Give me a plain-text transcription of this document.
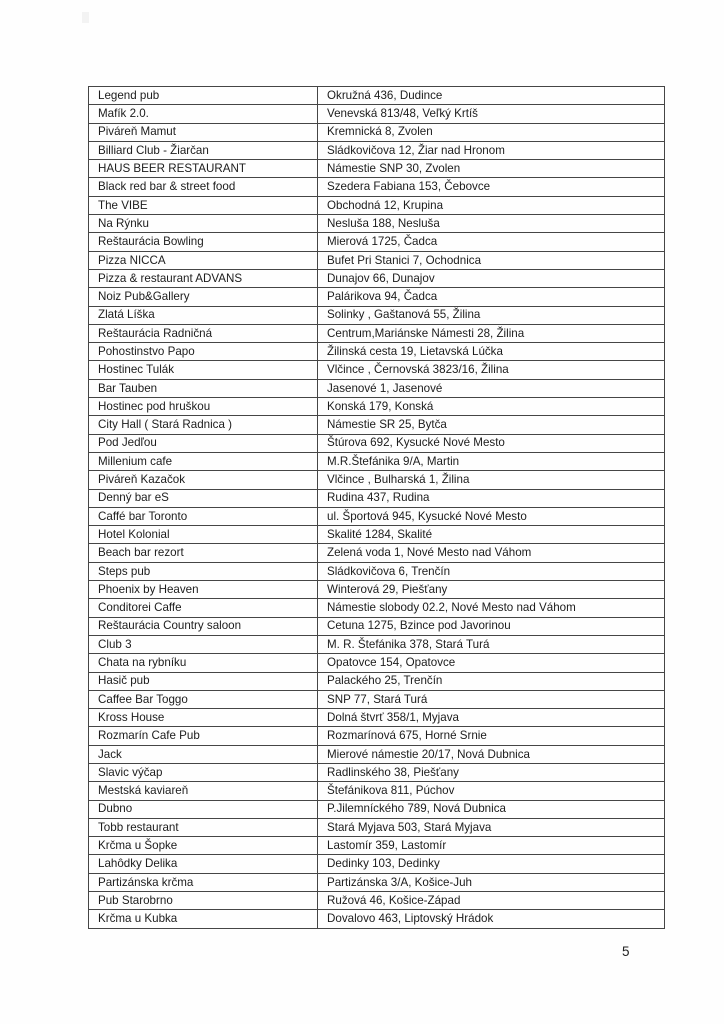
Legend pub	Okružná 436, Dudince
Mafík 2.0.	Venevská 813/48, Veľký Krtíš
Piváreň Mamut	Kremnická 8, Zvolen
Billiard Club - Žiarčan	Sládkovičova 12, Žiar nad Hronom
HAUS BEER RESTAURANT	Námestie SNP 30, Zvolen
Black red bar & street food	Szedera Fabiana 153, Čebovce
The VIBE	Obchodná 12, Krupina
Na Rýnku	Nesluša 188, Nesluša
Reštaurácia Bowling	Mierová 1725, Čadca
Pizza NICCA	Bufet Pri Stanici 7, Ochodnica
Pizza & restaurant ADVANS	Dunajov 66, Dunajov
Noiz Pub&Gallery	Palárikova 94, Čadca
Zlatá Líška	Solinky , Gaštanová 55, Žilina
Reštaurácia Radničná	Centrum,Mariánske Námesti 28, Žilina
Pohostinstvo Papo	Žilinská cesta 19, Lietavská Lúčka
Hostinec Tulák	Vlčince , Černovská 3823/16, Žilina
Bar Tauben	Jasenové 1, Jasenové
Hostinec pod hruškou	Konská 179, Konská
City Hall ( Stará Radnica )	Námestie SR 25, Bytča
Pod Jedľou	Štúrova 692, Kysucké Nové Mesto
Millenium cafe	M.R.Štefánika 9/A, Martin
Piváreň Kazačok	Vlčince , Bulharská 1, Žilina
Denný bar eS	Rudina 437, Rudina
Caffé bar Toronto	ul. Športová 945, Kysucké Nové Mesto
Hotel Kolonial	Skalité 1284, Skalité
Beach bar rezort	Zelená voda 1, Nové Mesto nad Váhom
Steps pub	Sládkovičova 6, Trenčín
Phoenix by Heaven	Winterová 29, Piešťany
Conditorei Caffe	Námestie slobody 02.2, Nové Mesto nad Váhom
Reštaurácia Country saloon	Cetuna 1275, Bzince pod Javorinou
Club 3	M. R. Štefánika 378, Stará Turá
Chata na rybníku	Opatovce 154, Opatovce
Hasič pub	Palackého 25, Trenčín
Caffee Bar Toggo	SNP 77, Stará Turá
Kross House	Dolná štvrť 358/1, Myjava
Rozmarín Cafe Pub	Rozmarínová 675, Horné Srnie
Jack	Mierové námestie 20/17, Nová Dubnica
Slavic výčap	Radlinského 38, Piešťany
Mestská kaviareň	Štefánikova 811, Púchov
Dubno	P.Jilemníckého 789, Nová Dubnica
Tobb restaurant	Stará Myjava 503, Stará Myjava
Krčma u Šopke	Lastomír 359, Lastomír
Lahôdky Delika	Dedinky 103, Dedinky
Partizánska krčma	Partizánska 3/A, Košice-Juh
Pub Starobrno	Ružová 46, Košice-Západ
Krčma u Kubka	Dovalovo 463, Liptovský Hrádok
5
